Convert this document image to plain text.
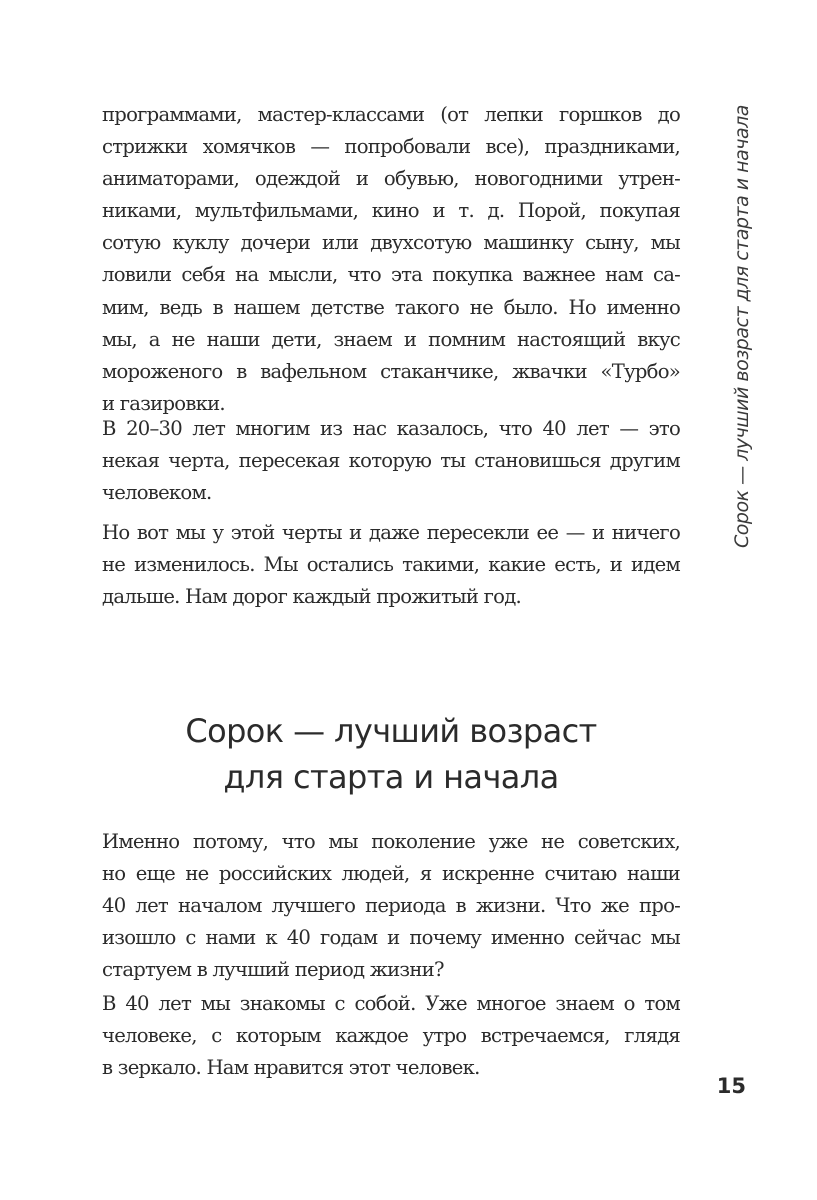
программами, мастер-классами (от лепки горшков до
стрижки хомячков — попробовали все), праздниками,
аниматорами, одеждой и обувью, новогодними утрен-
никами, мультфильмами, кино и т. д. Порой, покупая
сотую куклу дочери или двухсотую машинку сыну, мы
ловили себя на мысли, что эта покупка важнее нам са-
мим, ведь в нашем детстве такого не было. Но именно
мы, а не наши дети, знаем и помним настоящий вкус
мороженого в вафельном стаканчике, жвачки «Турбо»
и газировки.
В 20–30 лет многим из нас казалось, что 40 лет — это
некая черта, пересекая которую ты становишься другим
человеком.
Но вот мы у этой черты и даже пересекли ее — и ничего
не изменилось. Мы остались такими, какие есть, и идем
дальше. Нам дорог каждый прожитый год.
Сорок — лучший возраст
для старта и начала
Именно потому, что мы поколение уже не советских,
но еще не российских людей, я искренне считаю наши
40 лет началом лучшего периода в жизни. Что же про-
изошло с нами к 40 годам и почему именно сейчас мы
стартуем в лучший период жизни?
В 40 лет мы знакомы с собой. Уже многое знаем о том
человеке, с которым каждое утро встречаемся, глядя
в зеркало. Нам нравится этот человек.
Сорок — лучший возраст для старта и начала
15
